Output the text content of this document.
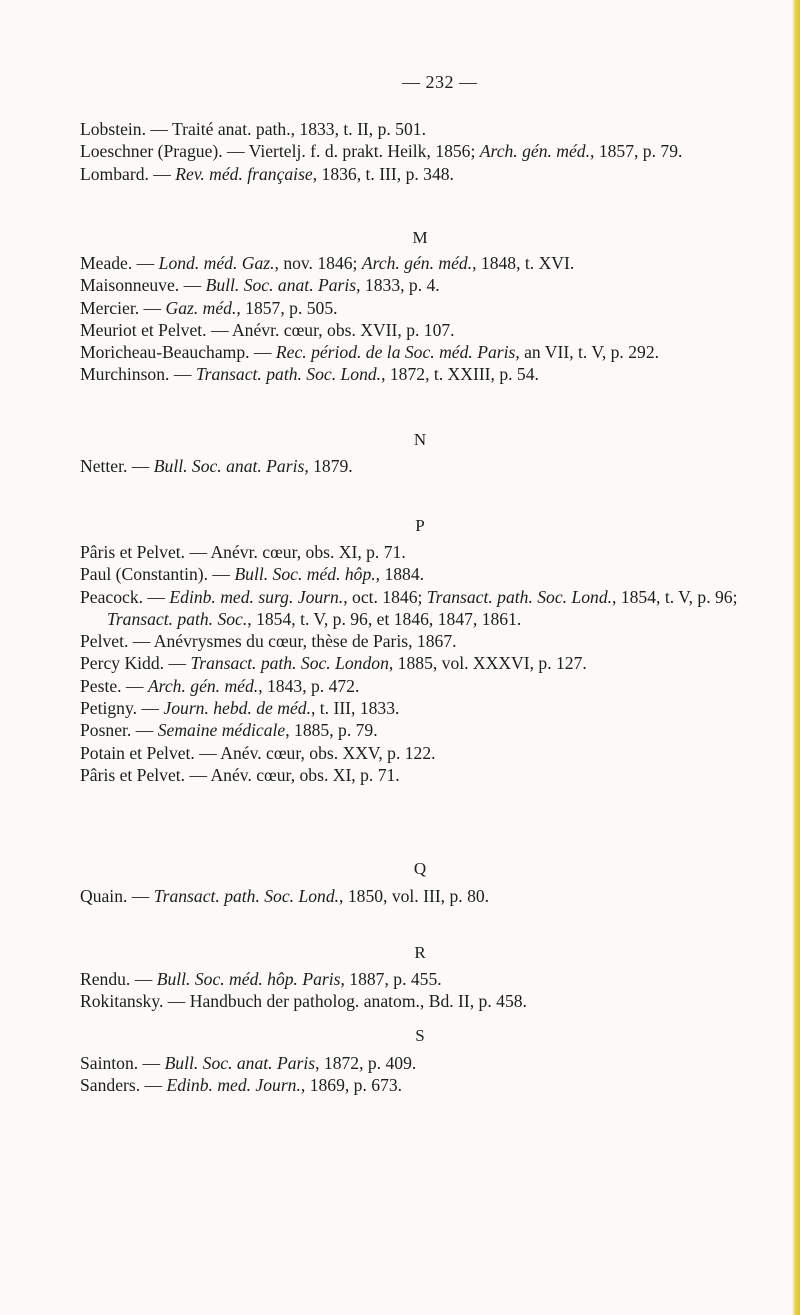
— 232 —
Lobstein. — Traité anat. path., 1833, t. II, p. 501.
Loeschner (Prague). — Viertelj. f. d. prakt. Heilk, 1856; Arch. gén. méd., 1857, p. 79.
Lombard. — Rev. méd. française, 1836, t. III, p. 348.
M
Meade. — Lond. méd. Gaz., nov. 1846; Arch. gén. méd., 1848, t. XVI.
Maisonneuve. — Bull. Soc. anat. Paris, 1833, p. 4.
Mercier. — Gaz. méd., 1857, p. 505.
Meuriot et Pelvet. — Anévr. cœur, obs. XVII, p. 107.
Moricheau-Beauchamp. — Rec. périod. de la Soc. méd. Paris, an VII, t. V, p. 292.
Murchinson. — Transact. path. Soc. Lond., 1872, t. XXIII, p. 54.
N
Netter. — Bull. Soc. anat. Paris, 1879.
P
Pâris et Pelvet. — Anévr. cœur, obs. XI, p. 71.
Paul (Constantin). — Bull. Soc. méd. hôp., 1884.
Peacock. — Edinb. med. surg. Journ., oct. 1846; Transact. path. Soc. Lond., 1854, t. V, p. 96; Transact. path. Soc., 1854, t. V, p. 96, et 1846, 1847, 1861.
Pelvet. — Anévrysmes du cœur, thèse de Paris, 1867.
Percy Kidd. — Transact. path. Soc. London, 1885, vol. XXXVI, p. 127.
Peste. — Arch. gén. méd., 1843, p. 472.
Petigny. — Journ. hebd. de méd., t. III, 1833.
Posner. — Semaine médicale, 1885, p. 79.
Potain et Pelvet. — Anév. cœur, obs. XXV, p. 122.
Pâris et Pelvet. — Anév. cœur, obs. XI, p. 71.
Q
Quain. — Transact. path. Soc. Lond., 1850, vol. III, p. 80.
R
Rendu. — Bull. Soc. méd. hôp. Paris, 1887, p. 455.
Rokitansky. — Handbuch der patholog. anatom., Bd. II, p. 458.
S
Sainton. — Bull. Soc. anat. Paris, 1872, p. 409.
Sanders. — Edinb. med. Journ., 1869, p. 673.
